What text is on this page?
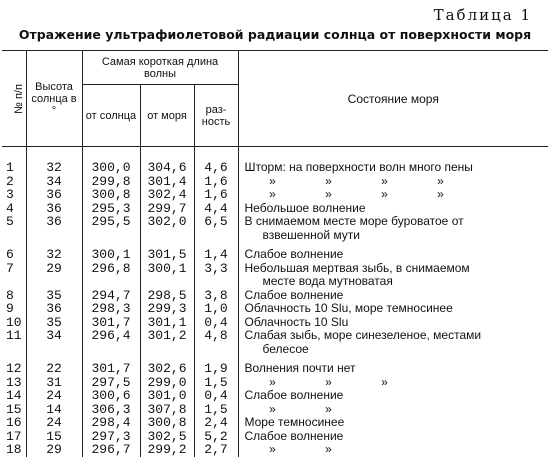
Таблица 1
Отражение ультрафиолетовой радиации солнца от поверхности моря
№ п/п	Высота солнца в °	Самая короткая длина волны			Состояние моря
		от солнца	от моря	раз-ность	

1	32	300,0	304,6	4,6	Шторм: на поверхности волн много пены

2	34	299,8	301,4	1,6	» » » »

3	36	300,8	302,4	1,6	» » » »

4	36	295,3	299,7	4,4	Небольшое волнение

5	36	295,5	302,0	6,5	В снимаемом месте море буроватое от
взвешенной мути

6	32	300,1	301,5	1,4	Слабое волнение

7	29	296,8	300,1	3,3	Небольшая мертвая зыбь, в снимаемом
месте вода мутноватая

8	35	294,7	298,5	3,8	Слабое волнение

9	36	298,3	299,3	1,0	Облачность 10 Slu, море темносинее

10	35	301,7	301,1	0,4	Облачность 10 Slu

11	34	296,4	301,2	4,8	Слабая зыбь, море синезеленое, местами
белесое

12	22	301,7	302,6	1,9	Волнения почти нет

13	31	297,5	299,0	1,5	» » »

14	24	300,6	301,0	0,4	Слабое волнение

15	14	306,3	307,8	1,5	» »

16	24	298,4	300,8	2,4	Море темносинее

17	15	297,3	302,5	5,2	Слабое волнение

18	29	296,7	299,2	2,7	» »
